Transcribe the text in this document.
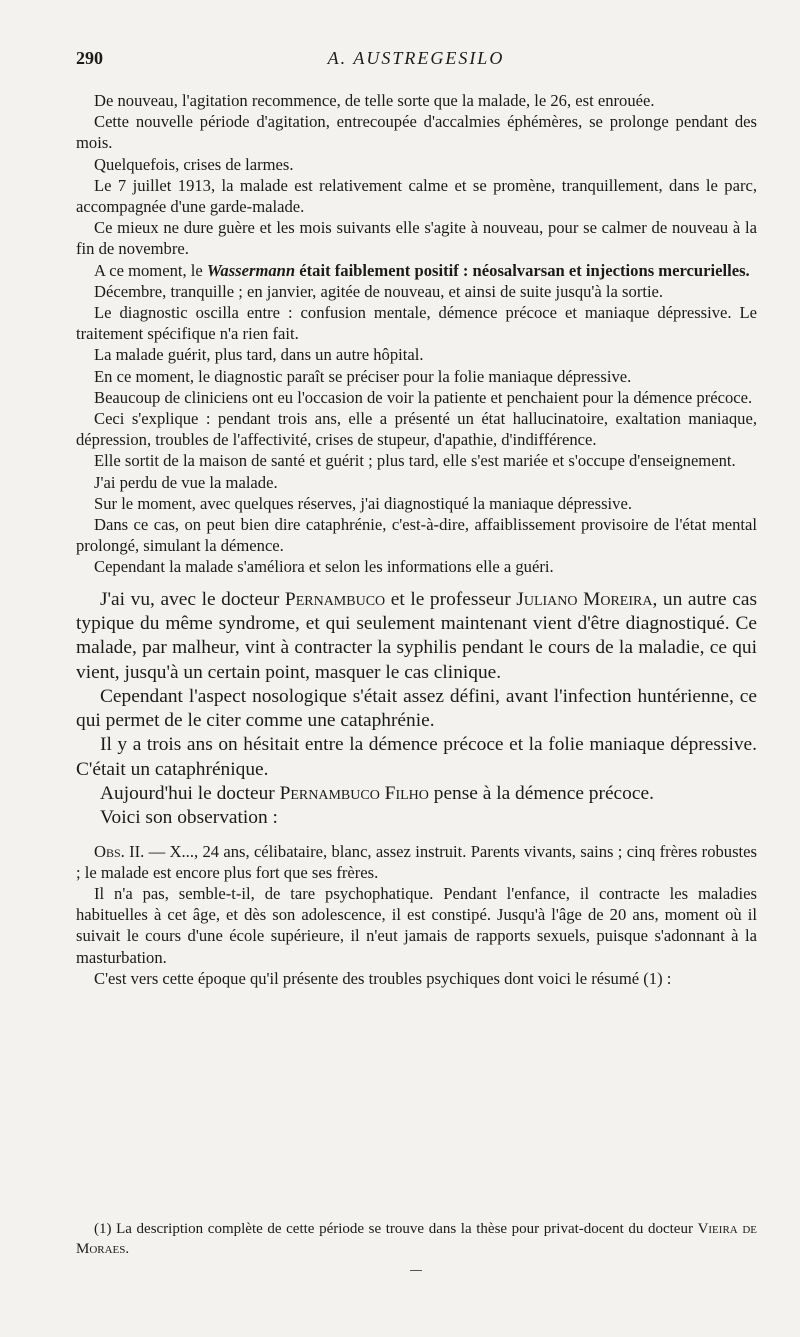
290	A. AUSTREGESILO

De nouveau, l'agitation recommence, de telle sorte que la malade, le 26, est enrouée.

Cette nouvelle période d'agitation, entrecoupée d'accalmies éphémères, se prolonge pendant des mois.

Quelquefois, crises de larmes.

Le 7 juillet 1913, la malade est relativement calme et se promène, tranquillement, dans le parc, accompagnée d'une garde-malade.

Ce mieux ne dure guère et les mois suivants elle s'agite à nouveau, pour se calmer de nouveau à la fin de novembre.

A ce moment, le Wassermann était faiblement positif : néosalvarsan et injections mercurielles.

Décembre, tranquille ; en janvier, agitée de nouveau, et ainsi de suite jusqu'à la sortie.

Le diagnostic oscilla entre : confusion mentale, démence précoce et maniaque dépressive. Le traitement spécifique n'a rien fait.

La malade guérit, plus tard, dans un autre hôpital.

En ce moment, le diagnostic paraît se préciser pour la folie maniaque dépressive.

Beaucoup de cliniciens ont eu l'occasion de voir la patiente et penchaient pour la démence précoce.

Ceci s'explique : pendant trois ans, elle a présenté un état hallucinatoire, exaltation maniaque, dépression, troubles de l'affectivité, crises de stupeur, d'apathie, d'indifférence.

Elle sortit de la maison de santé et guérit ; plus tard, elle s'est mariée et s'occupe d'enseignement.

J'ai perdu de vue la malade.

Sur le moment, avec quelques réserves, j'ai diagnostiqué la maniaque dépressive.

Dans ce cas, on peut bien dire cataphrénie, c'est-à-dire, affaiblissement provisoire de l'état mental prolongé, simulant la démence.

Cependant la malade s'améliora et selon les informations elle a guéri.

J'ai vu, avec le docteur Pernambuco et le professeur Juliano Moreira, un autre cas typique du même syndrome, et qui seulement maintenant vient d'être diagnostiqué. Ce malade, par malheur, vint à contracter la syphilis pendant le cours de la maladie, ce qui vient, jusqu'à un certain point, masquer le cas clinique.

Cependant l'aspect nosologique s'était assez défini, avant l'infection huntérienne, ce qui permet de le citer comme une cataphrénie.

Il y a trois ans on hésitait entre la démence précoce et la folie maniaque dépressive. C'était un cataphrénique.

Aujourd'hui le docteur Pernambuco Filho pense à la démence précoce.

Voici son observation :

Obs. II. — X..., 24 ans, célibataire, blanc, assez instruit. Parents vivants, sains ; cinq frères robustes ; le malade est encore plus fort que ses frères.

Il n'a pas, semble-t-il, de tare psychophatique. Pendant l'enfance, il contracte les maladies habituelles à cet âge, et dès son adolescence, il est constipé. Jusqu'à l'âge de 20 ans, moment où il suivait le cours d'une école supérieure, il n'eut jamais de rapports sexuels, puisque s'adonnant à la masturbation.

C'est vers cette époque qu'il présente des troubles psychiques dont voici le résumé (1) :

(1) La description complète de cette période se trouve dans la thèse pour privat-docent du docteur Vieira de Moraes.
